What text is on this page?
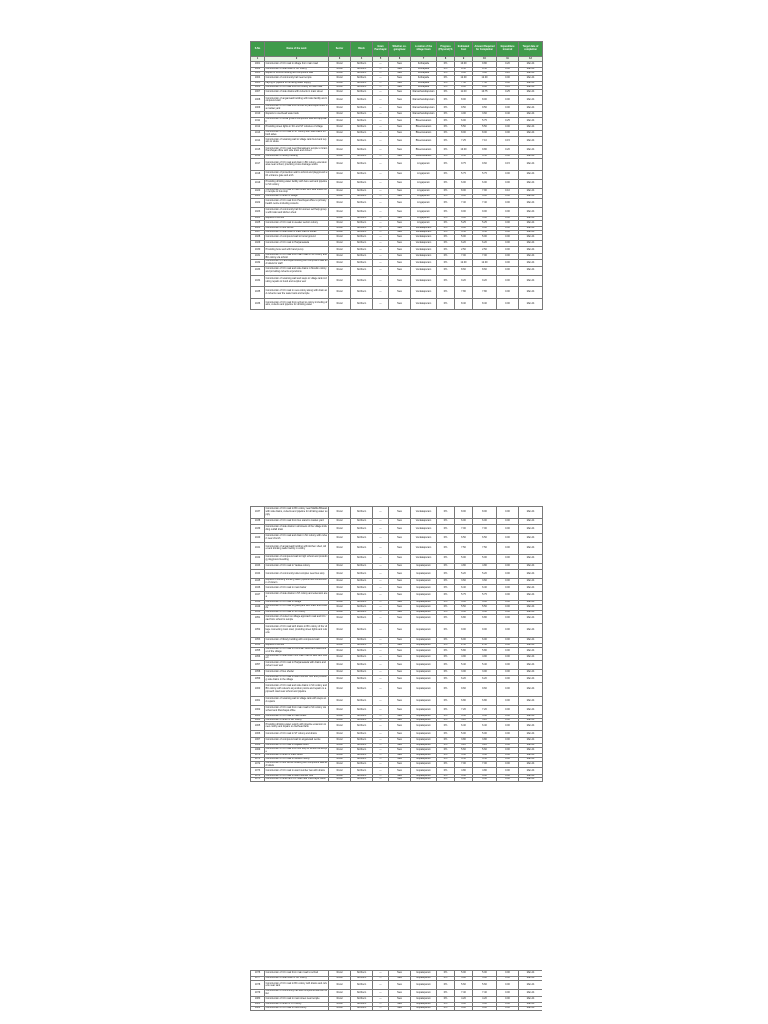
S.No	Name of the work	Sector	Block	Gram Panchayat	Whether on-going/new	Location of the village /town	Progress (Physical) %	Estimated Cost	Amount Required for Completion	Expenditure incurred	Target date of completion
1	2	3	4	5	6	7	8	9	10	11	12
1001	Construction of CC road in village from main road	Rural	Northern	—	New	Kothapalle	0%	10.00	9.80	0.20	Mar-24
1002	Construction of side drain in SC colony	Rural	Northern	—	New	Kothapalle	0%	8.50	8.50	0.00	Mar-24
1003	Repair of school building and compound wall	Rural	Northern	—	New	Kothapalle	0%	6.00	5.80	0.20	Mar-24
1004	Construction of community hall near temple	Rural	Northern	—	New	Kothapalle	0%	12.00	12.00	0.00	Mar-24
1005	Laying of pipeline for drinking water supply	Rural	Northern	—	New	Kothapalle	0%	7.50	7.50	0.00	Mar-24
1006	Construction of CC road from BC colony to main road	Rural	Northern	—	New	Kothapalle	0%	9.00	8.90	0.10	Mar-24
1007	Construction of side drains with culverts in main street	Rural	Northern	—	New	Ramachandrapuram	0%	11.00	10.75	0.25	Mar-24
1008	Construction of anganwadi building with toilet facility and compound wall	Rural	Northern	—	New	Ramachandrapuram	0%	8.00	8.00	0.00	Mar-24
1009	Construction of CC road from school to panchayat office via market yard	Rural	Northern	—	New	Ramachandrapuram	0%	9.50	9.50	0.00	Mar-24
1010	Repairs to overhead water tank	Rural	Northern	—	New	Ramachandrapuram	0%	4.00	3.60	0.40	Mar-24
1011	Construction of burial ground compound wall and approach	Rural	Northern	—	New	Bheemavaram	0%	6.00	5.75	0.25	Mar-24
1012	Providing street lights in SC and ST colonies of village	Rural	Northern	—	New	Bheemavaram	0%	5.50	5.50	0.00	Mar-24
1013	Construction of CC road in ST colony with side drains on both sides	Rural	Northern	—	New	Bheemavaram	0%	8.00	8.00	0.00	Mar-24
1014	Construction of retaining wall to village tank bund and repairs to sluice	Rural	Northern	—	New	Bheemavaram	0%	7.25	7.10	0.15	Mar-24
1015	Construction of CC road near Ramalayam temple to Gram Panchayat office with side drain and culvert	Rural	Northern	—	New	Bheemavaram	0%	10.00	9.80	0.20	Mar-24
1016	Construction of library building	Rural	Northern	—	New	Bheemavaram	0%	6.50	6.50	0.00	Mar-24
1017	Construction of CC road and drain in BC colony extension area near school, providing cross drainage works	Rural	Northern	—	New	Lingapuram	0%	9.75	9.60	0.15	Mar-24
1018	Construction of protection wall to school and playground with entrance gate and arch	Rural	Northern	—	New	Lingapuram	0%	5.75	5.75	0.00	Mar-24
1019	Providing drinking water facility with bore well and pipeline to SC colony	Rural	Northern	—	New	Lingapuram	0%	6.00	6.00	0.00	Mar-24
1020	Construction of CC road in main street with side drains from temple to bus stop	Rural	Northern	—	New	Lingapuram	0%	8.00	7.90	0.10	Mar-24
1021	Construction of drain in village	Rural	Northern	—	New	Lingapuram	0%	4.00	4.00	0.00	Mar-24
1022	Construction of CC road from Panchayat office to primary health centre including culverts	Rural	Northern	—	New	Lingapuram	0%	7.40	7.40	0.00	Mar-24
1023	Construction of community hall for women self help groups with toilet and kitchen shed	Rural	Northern	—	New	Lingapuram	0%	9.00	9.00	0.00	Mar-24
1024	Repairs to school	Rural	Northern	—	New	Lingapuram	0%	3.00	3.00	0.00	Mar-24
1025	Construction of CC road in weaker section colony	Rural	Northern	—	New	Lingapuram	0%	5.25	5.25	0.00	Mar-24
1026	Construction of sub centre	Rural	Northern	—	New	Venkatapuram	0%	6.00	6.00	0.00	Mar-24
1027	Construction of side drain in main road to outfall	Rural	Northern	—	New	Venkatapuram	0%	4.50	4.50	0.00	Mar-24
1028	Construction of compound wall to burial ground	Rural	Northern	—	New	Venkatapuram	0%	5.00	5.00	0.00	Mar-24
1029	Construction of CC road in Harijanawada	Rural	Northern	—	New	Venkatapuram	0%	6.20	6.20	0.00	Mar-24
1030	Providing bore well with hand pump	Rural	Northern	—	New	Venkatapuram	0%	2.50	2.50	0.00	Mar-24
1031	Construction of CC road from main road to SC colony and BC colony via school	Rural	Northern	—	New	Venkatapuram	0%	7.00	7.00	0.00	Mar-24
1032	Construction of Panchayat building with compound wall and toilets for staff	Rural	Northern	—	New	Venkatapuram	0%	12.00	12.00	0.00	Mar-24
1033	Construction of CC road and side drains in Muslim colony and providing culverts at junctions	Rural	Northern	—	New	Venkatapuram	0%	8.60	8.60	0.00	Mar-24
1034	Construction of retaining wall and steps to village tank including repairs to bund and surplus weir	Rural	Northern	—	New	Venkatapuram	0%	9.20	9.20	0.00	Mar-24
1035	Construction of CC road in new colony along with drain and culverts near the water tank and temple	Rural	Northern	—	New	Venkatapuram	0%	7.80	7.80	0.00	Mar-24
1036	Construction of CC road from school to colony including drains, culverts and pipeline for drinking water	Rural	Northern	—	New	Venkatapuram	0%	8.40	8.40	0.00	Mar-24
1037	Construction of CC road in BC colony near Mahila Bhavan with side drains, culverts and pipeline for drinking water supply	Rural	Northern	—	New	Venkatapuram	0%	8.00	8.00	0.00	Mar-24
1038	Construction of CC road from bus stand to market yard	Rural	Northern	—	New	Venkatapuram	0%	6.00	6.00	0.00	Mar-24
1039	Construction of side drains in all streets of the village including outfall drain	Rural	Northern	—	New	Venkatapuram	0%	7.00	7.00	0.00	Mar-24
1040	Construction of CC road and drain in SC colony with culvert near church	Rural	Northern	—	New	Venkatapuram	0%	6.50	6.50	0.00	Mar-24
1041	Construction of anganwadi building with kitchen shed, toilet and drinking water facility in colony	Rural	Northern	—	New	Venkatapuram	0%	7.50	7.50	0.00	Mar-24
1042	Construction of compound wall to high school and providing playground levelling	Rural	Northern	—	New	Venkatapuram	0%	5.00	5.00	0.00	Mar-24
1043	Construction of CC road in Yadava colony	Rural	Northern	—	New	Gopalapuram	0%	4.80	4.80	0.00	Mar-24
1044	Construction of community toilet complex near bus stop	Rural	Northern	—	New	Gopalapuram	0%	5.20	5.20	0.00	Mar-24
1045	Repairs to existing drinking water pipeline and construction of cistern	Rural	Northern	—	New	Gopalapuram	0%	3.60	3.60	0.00	Mar-24
1046	Construction of CC road in main bazar	Rural	Northern	—	New	Gopalapuram	0%	6.40	6.40	0.00	Mar-24
1047	Construction of side drains in ST colony and extension area	Rural	Northern	—	New	Gopalapuram	0%	5.75	5.75	0.00	Mar-24
1048	Construction of CC road in village	Rural	Northern	—	New	Gopalapuram	0%	4.00	4.00	0.00	Mar-24
1049	Construction of CC road to graveyard with drain and culverts	Rural	Northern	—	New	Gopalapuram	0%	5.50	5.50	0.00	Mar-24
1050	Construction of CC road in SC colony	Rural	Northern	—	New	Gopalapuram	0%	4.60	4.60	0.00	Mar-24
1051	Construction of culvert on village approach road and CC road from school to temple	Rural	Northern	—	New	Gopalapuram	0%	6.80	6.80	0.00	Mar-24
1052	Construction of CC road with drains in BC colony of the village connecting main road, providing street lights and culverts	Rural	Northern	—	New	Gopalapuram	0%	9.00	9.00	0.00	Mar-24
1053	Construction of library building with compound wall	Rural	Northern	—	New	Gopalapuram	0%	6.00	6.00	0.00	Mar-24
1054	Repairs to school	Rural	Northern	—	New	Gopalapuram	0%	2.50	2.50	0.00	Mar-24
1055	Construction of CC road in Kummari street and Golla street of the village	Rural	Northern	—	New	Gopalapuram	0%	5.80	5.80	0.00	Mar-24
1056	Construction of side drain from main road to tank with culvert	Rural	Northern	—	New	Gopalapuram	0%	4.90	4.90	0.00	Mar-24
1057	Construction of CC road in Harijanawada with drains and culvert near well	Rural	Northern	—	New	Gopalapuram	0%	5.40	5.40	0.00	Mar-24
1058	Construction of bus shelter	Rural	Northern	—	New	Gopalapuram	0%	3.00	3.00	0.00	Mar-24
1059	Construction of CC road in ward number four and providing side drains in the village	Rural	Northern	—	New	Gopalapuram	0%	6.20	6.20	0.00	Mar-24
1060	Construction of CC road and side drains in SC colony and BC colony with culverts at junction points and repairs to approach road near school and pipeline	Rural	Northern	—	New	Gopalapuram	0%	9.60	9.60	0.00	Mar-24
1061	Construction of retaining wall to village tank with steps and repairs	Rural	Northern	—	New	Gopalapuram	0%	6.80	6.80	0.00	Mar-24
1062	Construction of CC road from main road to SC colony via school and Panchayat office	Rural	Northern	—	New	Gopalapuram	0%	7.20	7.20	0.00	Mar-24
1063	Construction of CC road in main street	Rural	Northern	—	New	Gopalapuram	0%	4.40	4.40	0.00	Mar-24
1064	Construction of drain in BC colony	Rural	Northern	—	New	Gopalapuram	0%	3.20	3.20	0.00	Mar-24
1065	Providing drinking water supply with pipeline extension to new colony and repairs to overhead tank	Rural	Northern	—	New	Gopalapuram	0%	6.40	6.40	0.00	Mar-24
1066	Construction of CC road in ST colony and drains	Rural	Northern	—	New	Gopalapuram	0%	5.00	5.00	0.00	Mar-24
1067	Construction of compound wall to anganwadi centre	Rural	Northern	—	New	Gopalapuram	0%	3.80	3.80	0.00	Mar-24
1068	Construction of CC road in Rajaka street	Rural	Northern	—	New	Gopalapuram	0%	4.20	4.20	0.00	Mar-24
1069	Construction of CC road from bus stop to school via temple	Rural	Northern	—	New	Gopalapuram	0%	5.60	5.60	0.00	Mar-24
1070	Construction of drain in main street	Rural	Northern	—	New	Gopalapuram	0%	3.40	3.40	0.00	Mar-24
1071	Construction of CC road in Muslim colony	Rural	Northern	—	New	Gopalapuram	0%	4.50	4.50	0.00	Mar-24
1072	Construction of sub centre building with compound wall and toilets	Rural	Northern	—	New	Gopalapuram	0%	7.00	7.00	0.00	Mar-24
1073	Construction of CC road in ward number two with drains	Rural	Northern	—	New	Gopalapuram	0%	4.80	4.80	0.00	Mar-24
1074	Construction of CC road in ward number one	Rural	Northern	—	New	Gopalapuram	0%	4.60	4.60	0.00	Mar-24
1075	Construction of drain and CC road near Panchayat office	Rural	Northern	—	New	Gopalapuram	0%	4.40	4.40	0.00	Mar-24
1076	Construction of CC road from main road to school	Rural	Northern	—	New	Gopalapuram	0%	5.00	5.00	0.00	Mar-24
1077	Construction of side drain in SC colony	Rural	Northern	—	New	Gopalapuram	0%	3.80	3.80	0.00	Mar-24
1078	Construction of CC road in BC colony with drains and culverts near tank	Rural	Northern	—	New	Gopalapuram	0%	5.60	5.60	0.00	Mar-24
1079	Construction of community hall and compound wall with toilet	Rural	Northern	—	New	Gopalapuram	0%	7.40	7.40	0.00	Mar-24
1080	Construction of CC road in main street near temple	Rural	Northern	—	New	Gopalapuram	0%	4.20	4.20	0.00	Mar-24
1081	Construction of drain in ST colony	Rural	Northern	—	New	Gopalapuram	0%	3.00	3.00	0.00	Mar-24
1082	Construction of CC road in new colony	Rural	Northern	—	New	Gopalapuram	0%	4.00	4.00	0.00	Mar-24
